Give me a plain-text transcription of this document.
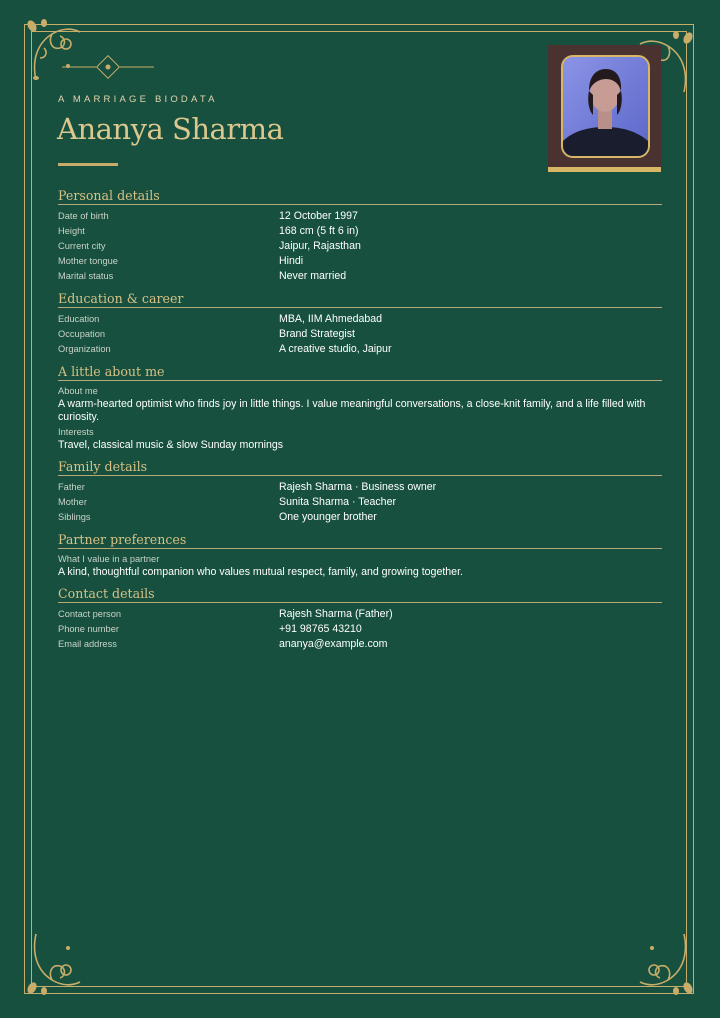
A MARRIAGE BIODATA
Ananya Sharma
Personal details
Date of birth	12 October 1997
Height	168 cm (5 ft 6 in)
Current city	Jaipur, Rajasthan
Mother tongue	Hindi
Marital status	Never married
Education & career
Education	MBA, IIM Ahmedabad
Occupation	Brand Strategist
Organization	A creative studio, Jaipur
A little about me
About me
A warm-hearted optimist who finds joy in little things. I value meaningful conversations, a close-knit family, and a life filled with curiosity.
Interests
Travel, classical music & slow Sunday mornings
Family details
Father	Rajesh Sharma · Business owner
Mother	Sunita Sharma · Teacher
Siblings	One younger brother
Partner preferences
What I value in a partner
A kind, thoughtful companion who values mutual respect, family, and growing together.
Contact details
Contact person	Rajesh Sharma (Father)
Phone number	+91 98765 43210
Email address	ananya@example.com
